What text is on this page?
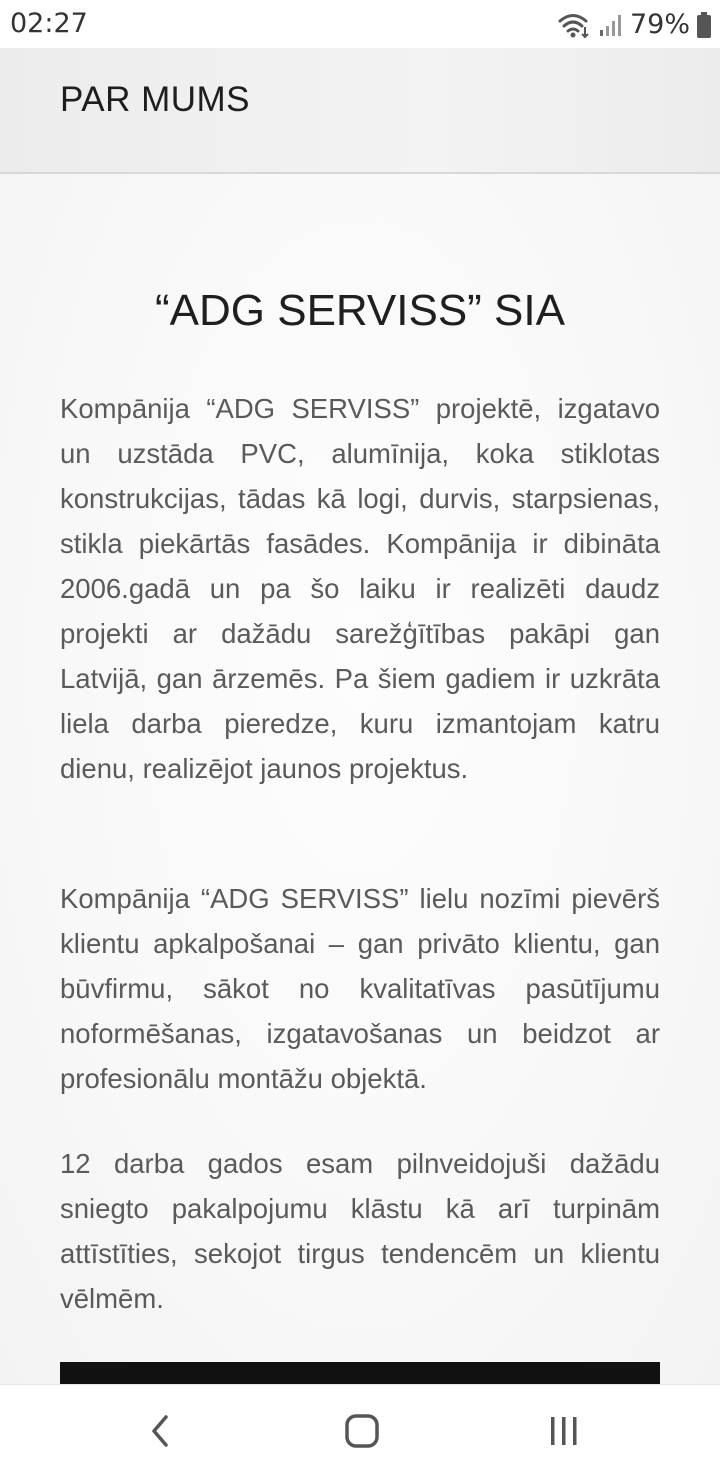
02:27	79%
PAR MUMS
“ADG SERVISS” SIA

Kompānija “ADG SERVISS” projektē, izgatavo un uzstāda PVC, alumīnija, koka stiklotas konstrukcijas, tādas kā logi, durvis, starpsienas, stikla piekārtās fasādes. Kompānija ir dibināta 2006.gadā un pa šo laiku ir realizēti daudz projekti ar dažādu sarežģītības pakāpi gan Latvijā, gan ārzemēs. Pa šiem gadiem ir uzkrāta liela darba pieredze, kuru izmantojam katru dienu, realizējot jaunos projektus.

Kompānija “ADG SERVISS” lielu nozīmi pievērš klientu apkalpošanai – gan privāto klientu, gan būvfirmu, sākot no kvalitatīvas pasūtījumu noformēšanas, izgatavošanas un beidzot ar profesionālu montāžu objektā.

12 darba gados esam pilnveidojuši dažādu sniegto pakalpojumu klāstu kā arī turpinām attīstīties, sekojot tirgus tendencēm un klientu vēlmēm.
